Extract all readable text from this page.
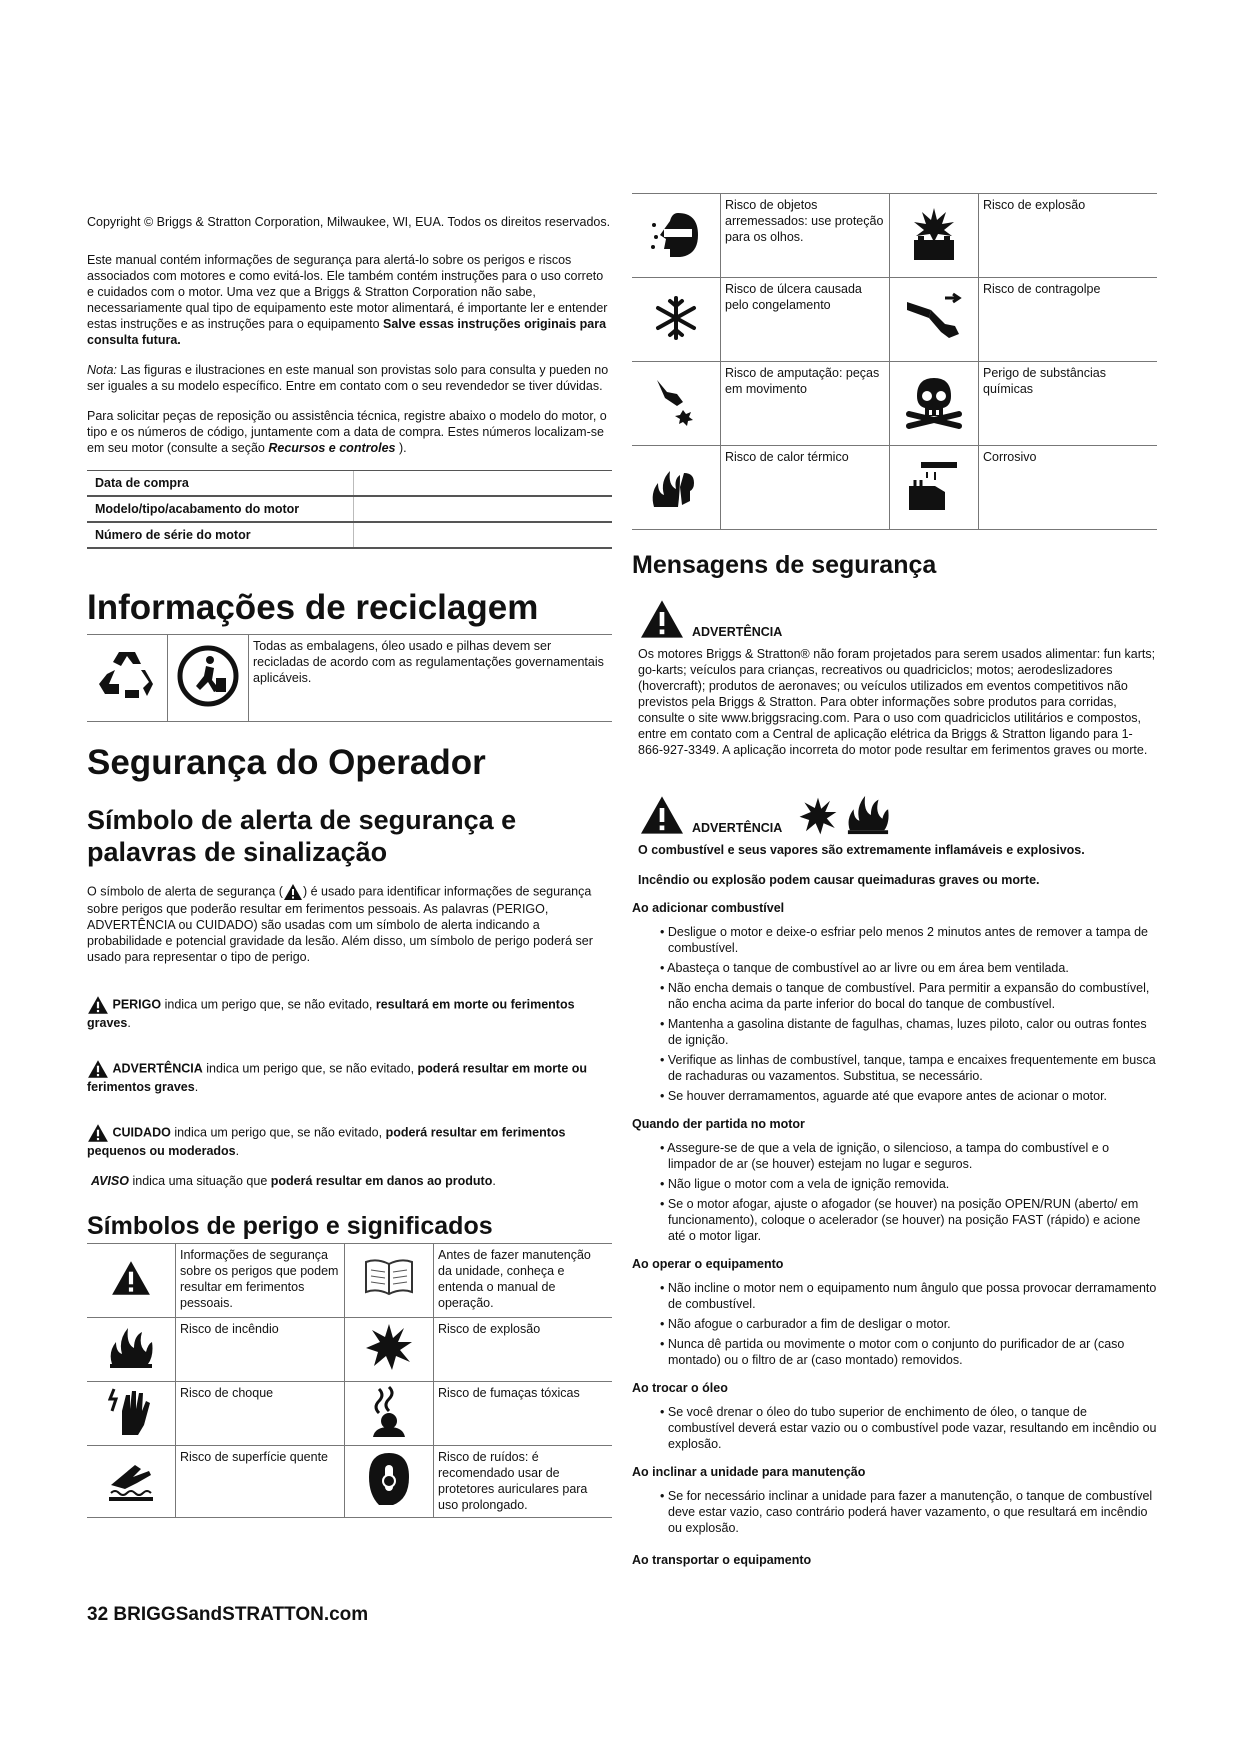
Copyright © Briggs & Stratton Corporation, Milwaukee, WI, EUA. Todos os direitos reservados.

Este manual contém informações de segurança para alertá-lo sobre os perigos e riscos associados com motores e como evitá-los. Ele também contém instruções para o uso correto e cuidados com o motor. Uma vez que a Briggs & Stratton Corporation não sabe, necessariamente qual tipo de equipamento este motor alimentará, é importante ler e entender estas instruções e as instruções para o equipamento Salve essas instruções originais para consulta futura.

Nota: Las figuras e ilustraciones en este manual son provistas solo para consulta y pueden no ser iguales a su modelo específico. Entre em contato com o seu revendedor se tiver dúvidas.

Para solicitar peças de reposição ou assistência técnica, registre abaixo o modelo do motor, o tipo e os números de código, juntamente com a data de compra. Estes números localizam-se em seu motor (consulte a seção Recursos e controles ).

Data de compra	
Modelo/tipo/acabamento do motor	
Número de série do motor	
Informações de reciclagem
		Todas as embalagens, óleo usado e pilhas devem ser recicladas de acordo com as regulamentações governamentais aplicáveis.
Segurança do Operador
Símbolo de alerta de segurança e palavras de sinalização

O símbolo de alerta de segurança ( ) é usado para identificar informações de segurança sobre perigos que poderão resultar em ferimentos pessoais. As palavras (PERIGO, ADVERTÊNCIA ou CUIDADO) são usadas com um símbolo de alerta indicando a probabilidade e potencial gravidade da lesão. Além disso, um símbolo de perigo poderá ser usado para representar o tipo de perigo.

PERIGO indica um perigo que, se não evitado, resultará em morte ou ferimentos graves.

ADVERTÊNCIA indica um perigo que, se não evitado, poderá resultar em morte ou ferimentos graves.

CUIDADO indica um perigo que, se não evitado, poderá resultar em ferimentos pequenos ou moderados.

AVISO indica uma situação que poderá resultar em danos ao produto.

Símbolos de perigo e significados
	Informações de segurança sobre os perigos que podem resultar em ferimentos pessoais.		Antes de fazer manutenção da unidade, conheça e entenda o manual de operação.
	Risco de incêndio		Risco de explosão
	Risco de choque		Risco de fumaças tóxicas
	Risco de superfície quente		Risco de ruídos: é recomendado usar de protetores auriculares para uso prolongado.
	Risco de objetos arremessados: use proteção para os olhos.		Risco de explosão
	Risco de úlcera causada pelo congelamento		Risco de contragolpe
	Risco de amputação: peças em movimento		Perigo de substâncias químicas
	Risco de calor térmico		Corrosivo
Mensagens de segurança
ADVERTÊNCIA

Os motores Briggs & Stratton® não foram projetados para serem usados alimentar: fun karts; go-karts; veículos para crianças, recreativos ou quadriciclos; motos; aerodeslizadores (hovercraft); produtos de aeronaves; ou veículos utilizados em eventos competitivos não previstos pela Briggs & Stratton. Para obter informações sobre produtos para corridas, consulte o site www.briggsracing.com. Para o uso com quadriciclos utilitários e compostos, entre em contato com a Central de aplicação elétrica da Briggs & Stratton ligando para 1-866-927-3349. A aplicação incorreta do motor pode resultar em ferimentos graves ou morte.

ADVERTÊNCIA

O combustível e seus vapores são extremamente inflamáveis e explosivos.

Incêndio ou explosão podem causar queimaduras graves ou morte.

Ao adicionar combustível
• Desligue o motor e deixe-o esfriar pelo menos 2 minutos antes de remover a tampa de combustível.
• Abasteça o tanque de combustível ao ar livre ou em área bem ventilada.
• Não encha demais o tanque de combustível. Para permitir a expansão do combustível, não encha acima da parte inferior do bocal do tanque de combustível.
• Mantenha a gasolina distante de fagulhas, chamas, luzes piloto, calor ou outras fontes de ignição.
• Verifique as linhas de combustível, tanque, tampa e encaixes frequentemente em busca de rachaduras ou vazamentos. Substitua, se necessário.
• Se houver derramamentos, aguarde até que evapore antes de acionar o motor.
Quando der partida no motor
• Assegure-se de que a vela de ignição, o silencioso, a tampa do combustível e o limpador de ar (se houver) estejam no lugar e seguros.
• Não ligue o motor com a vela de ignição removida.
• Se o motor afogar, ajuste o afogador (se houver) na posição OPEN/RUN (aberto/ em funcionamento), coloque o acelerador (se houver) na posição FAST (rápido) e acione até o motor ligar.
Ao operar o equipamento
• Não incline o motor nem o equipamento num ângulo que possa provocar derramamento de combustível.
• Não afogue o carburador a fim de desligar o motor.
• Nunca dê partida ou movimente o motor com o conjunto do purificador de ar (caso montado) ou o filtro de ar (caso montado) removidos.
Ao trocar o óleo
• Se você drenar o óleo do tubo superior de enchimento de óleo, o tanque de combustível deverá estar vazio ou o combustível pode vazar, resultando em incêndio ou explosão.
Ao inclinar a unidade para manutenção
• Se for necessário inclinar a unidade para fazer a manutenção, o tanque de combustível deve estar vazio, caso contrário poderá haver vazamento, o que resultará em incêndio ou explosão.
Ao transportar o equipamento
32 BRIGGSandSTRATTON.com
